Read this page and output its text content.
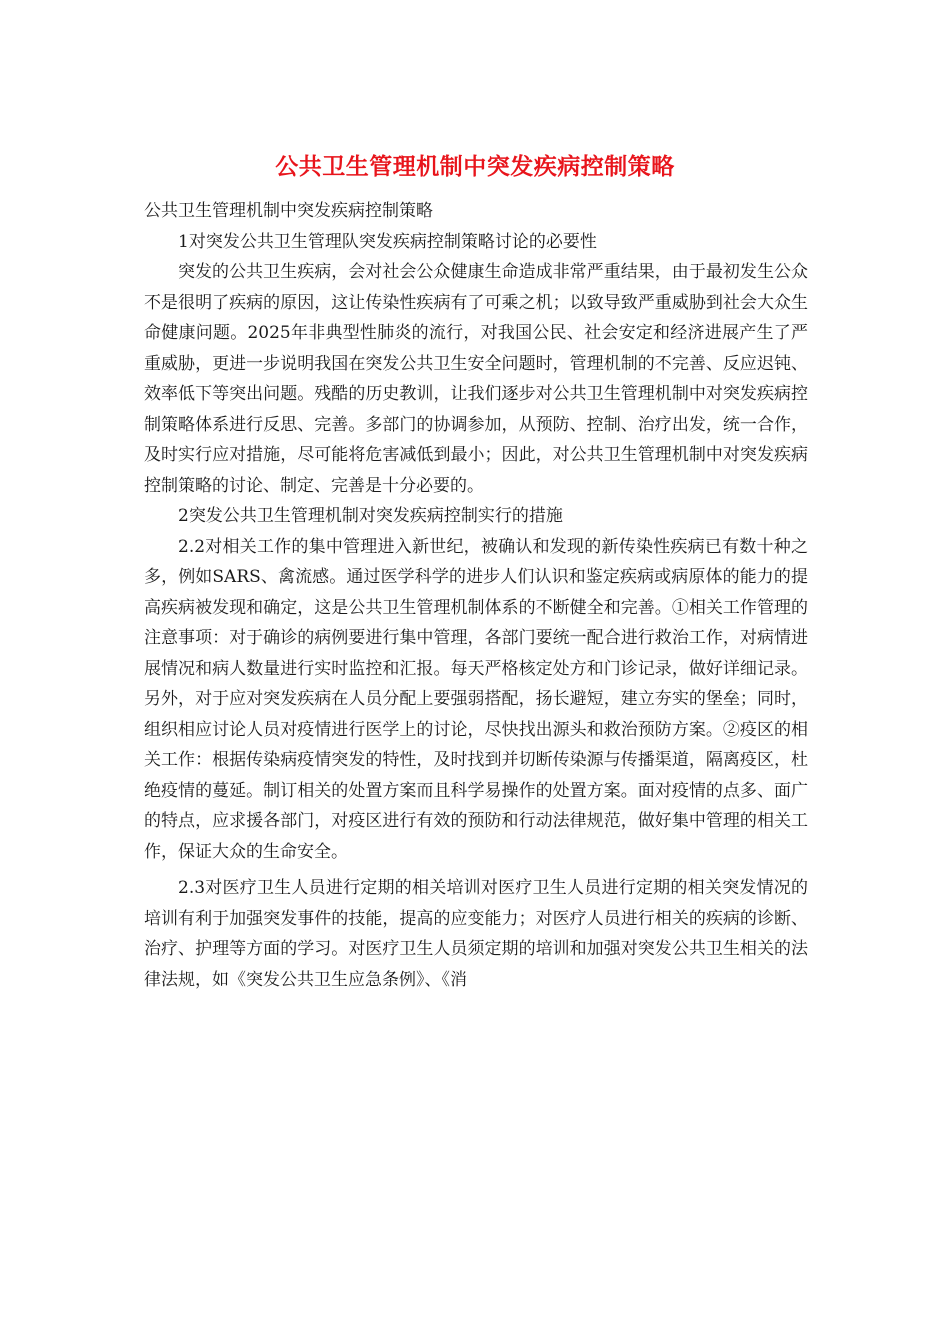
公共卫生管理机制中突发疾病控制策略

公共卫生管理机制中突发疾病控制策略

1对突发公共卫生管理队突发疾病控制策略讨论的必要性

突发的公共卫生疾病，会对社会公众健康生命造成非常严重结果，由于最初发生公众不是很明了疾病的原因，这让传染性疾病有了可乘之机；以致导致严重威胁到社会大众生命健康问题。2025年非典型性肺炎的流行，对我国公民、社会安定和经济进展产生了严重威胁，更进一步说明我国在突发公共卫生安全问题时，管理机制的不完善、反应迟钝、效率低下等突出问题。残酷的历史教训，让我们逐步对公共卫生管理机制中对突发疾病控制策略体系进行反思、完善。多部门的协调参加，从预防、控制、治疗出发，统一合作，及时实行应对措施，尽可能将危害减低到最小；因此，对公共卫生管理机制中对突发疾病控制策略的讨论、制定、完善是十分必要的。

2突发公共卫生管理机制对突发疾病控制实行的措施

2.2对相关工作的集中管理进入新世纪，被确认和发现的新传染性疾病已有数十种之多，例如SARS、禽流感。通过医学科学的进步人们认识和鉴定疾病或病原体的能力的提高疾病被发现和确定，这是公共卫生管理机制体系的不断健全和完善。①相关工作管理的注意事项：对于确诊的病例要进行集中管理，各部门要统一配合进行救治工作，对病情进展情况和病人数量进行实时监控和汇报。每天严格核定处方和门诊记录，做好详细记录。另外，对于应对突发疾病在人员分配上要强弱搭配，扬长避短，建立夯实的堡垒；同时，组织相应讨论人员对疫情进行医学上的讨论，尽快找出源头和救治预防方案。②疫区的相关工作：根据传染病疫情突发的特性，及时找到并切断传染源与传播渠道，隔离疫区，杜绝疫情的蔓延。制订相关的处置方案而且科学易操作的处置方案。面对疫情的点多、面广的特点，应求援各部门，对疫区进行有效的预防和行动法律规范，做好集中管理的相关工作，保证大众的生命安全。

2.3对医疗卫生人员进行定期的相关培训对医疗卫生人员进行定期的相关突发情况的培训有利于加强突发事件的技能，提高的应变能力；对医疗人员进行相关的疾病的诊断、治疗、护理等方面的学习。对医疗卫生人员须定期的培训和加强对突发公共卫生相关的法律法规，如《突发公共卫生应急条例》、《消
